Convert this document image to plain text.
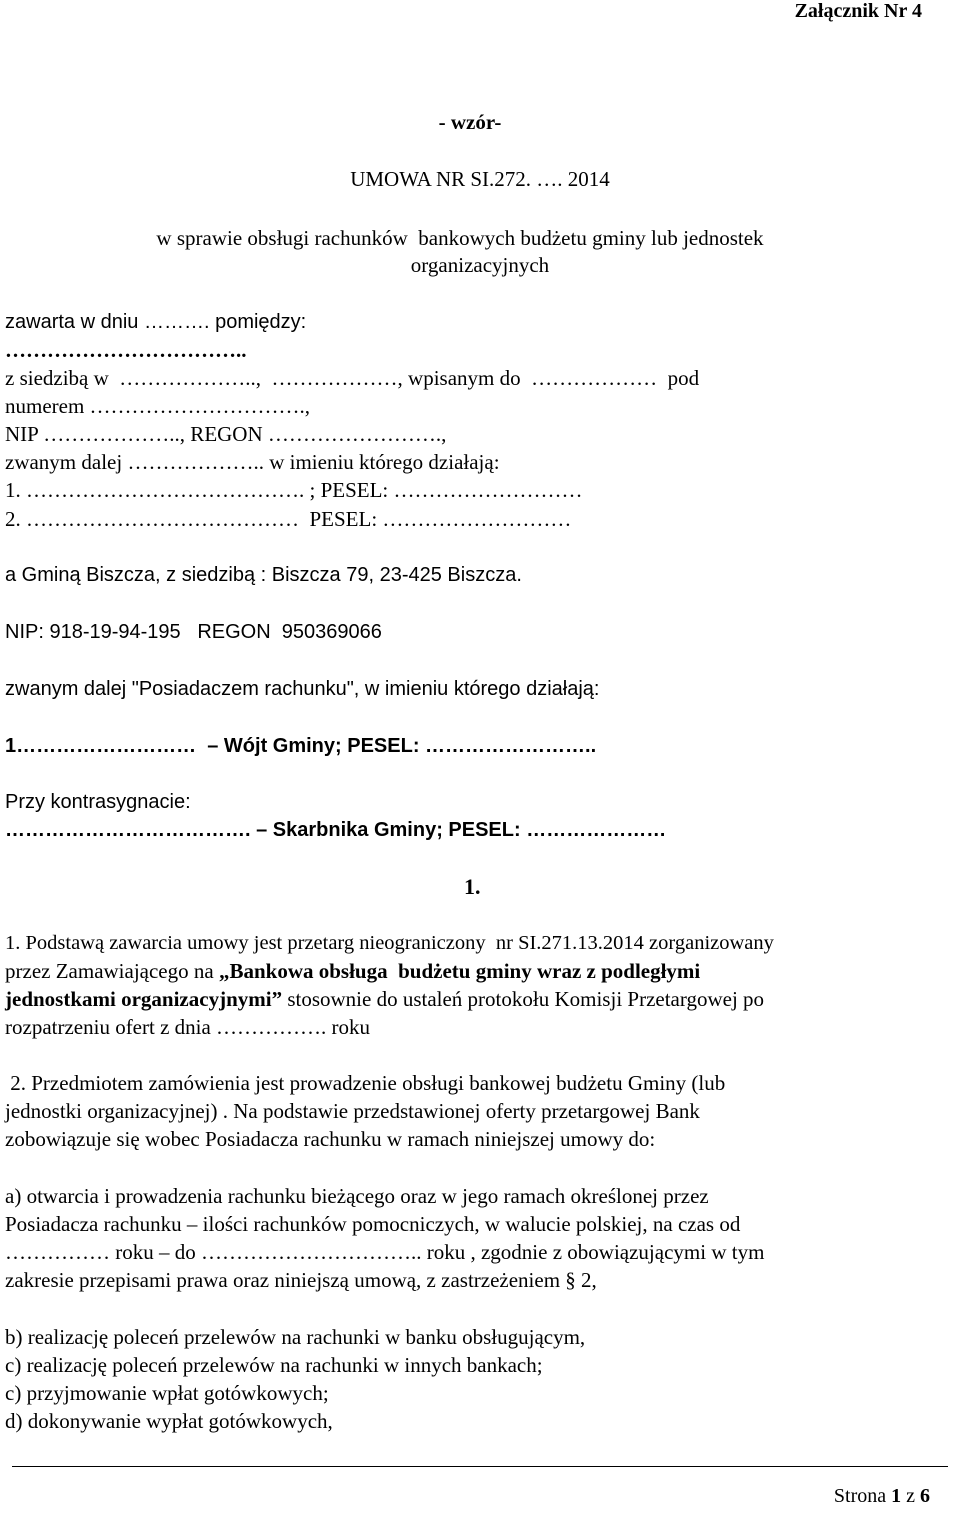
Załącznik Nr 4
- wzór-
UMOWA NR SI.272. …. 2014
w sprawie obsługi rachunków  bankowych budżetu gminy lub jednostek
organizacyjnych
zawarta w dniu ………. pomiędzy:
……………………………..
z siedzibą w  ………………..,  ………………, wpisanym do  ………………  pod
numerem ………………………….,
NIP ……………….., REGON …………………….,
zwanym dalej ……………….. w imieniu którego działają:
1. …………………………………. ; PESEL: ………………………
2. …………………………………  PESEL: ………………………
a Gminą Biszcza, z siedzibą : Biszcza 79, 23-425 Biszcza.
NIP: 918-19-94-195   REGON  950369066
zwanym dalej "Posiadaczem rachunku", w imieniu którego działają:
1………………………  – Wójt Gminy; PESEL: ……………………..
Przy kontrasygnacie:
………………………………. – Skarbnika Gminy; PESEL: …………………
1.
1. Podstawą zawarcia umowy jest przetarg nieograniczony  nr SI.271.13.2014 zorganizowany
przez Zamawiającego na „Bankowa obsługa  budżetu gminy wraz z podległymi
jednostkami organizacyjnymi” stosownie do ustaleń protokołu Komisji Przetargowej po
rozpatrzeniu ofert z dnia ……………. roku
2. Przedmiotem zamówienia jest prowadzenie obsługi bankowej budżetu Gminy (lub
jednostki organizacyjnej) . Na podstawie przedstawionej oferty przetargowej Bank
zobowiązuje się wobec Posiadacza rachunku w ramach niniejszej umowy do:
a) otwarcia i prowadzenia rachunku bieżącego oraz w jego ramach określonej przez
Posiadacza rachunku – ilości rachunków pomocniczych, w walucie polskiej, na czas od
…………… roku – do ………………………….. roku , zgodnie z obowiązującymi w tym
zakresie przepisami prawa oraz niniejszą umową, z zastrzeżeniem § 2,
b) realizację poleceń przelewów na rachunki w banku obsługującym,
c) realizację poleceń przelewów na rachunki w innych bankach;
c) przyjmowanie wpłat gotówkowych;
d) dokonywanie wypłat gotówkowych,
Strona 1 z 6
